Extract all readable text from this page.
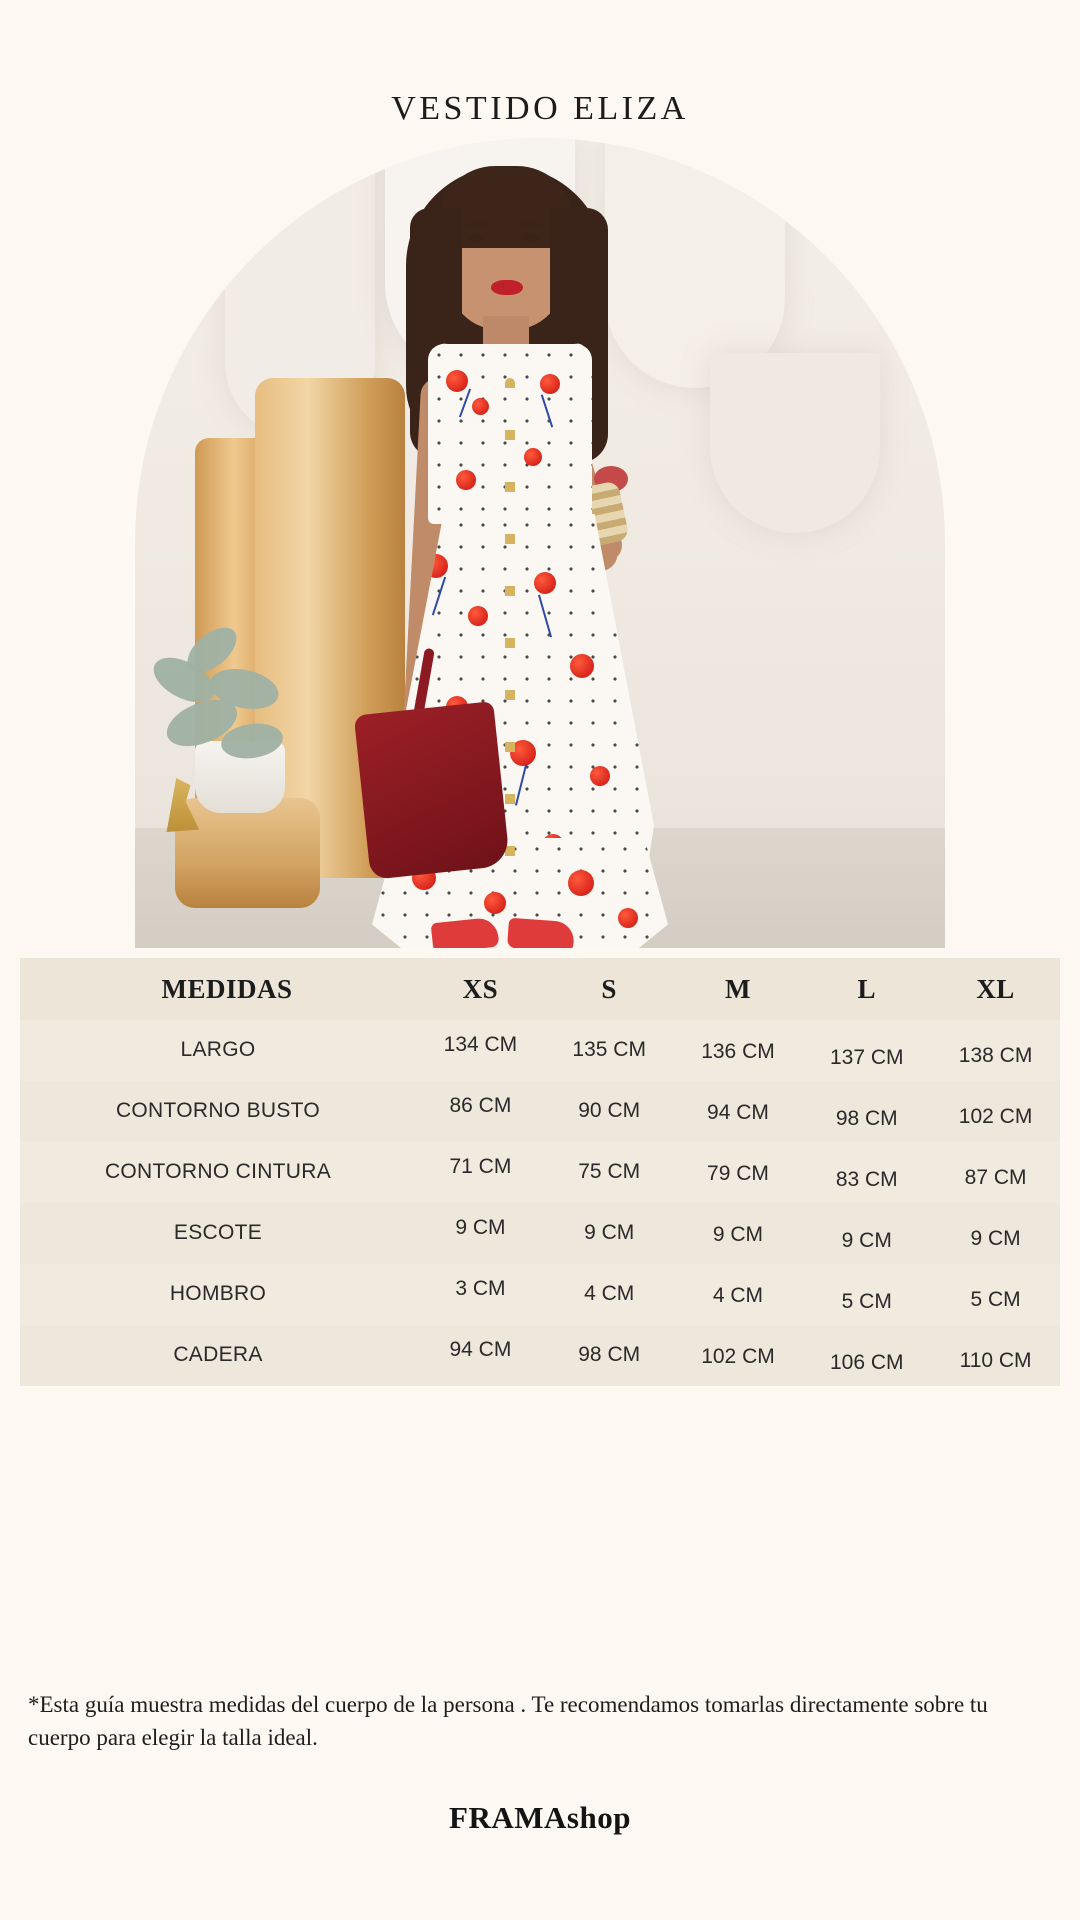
VESTIDO ELIZA
MEDIDAS	XS	S	M	L	XL
LARGO	134 CM	135 CM	136 CM	137 CM	138 CM
CONTORNO BUSTO	86 CM	90 CM	94 CM	98 CM	102 CM
CONTORNO CINTURA	71 CM	75 CM	79 CM	83 CM	87 CM
ESCOTE	9 CM	9 CM	9 CM	9 CM	9 CM
HOMBRO	3 CM	4 CM	4 CM	5 CM	5 CM
CADERA	94 CM	98 CM	102 CM	106 CM	110 CM
*Esta guía muestra medidas del cuerpo de la persona . Te recomendamos tomarlas directamente sobre tu cuerpo para elegir la talla ideal.
FRAMAshop
